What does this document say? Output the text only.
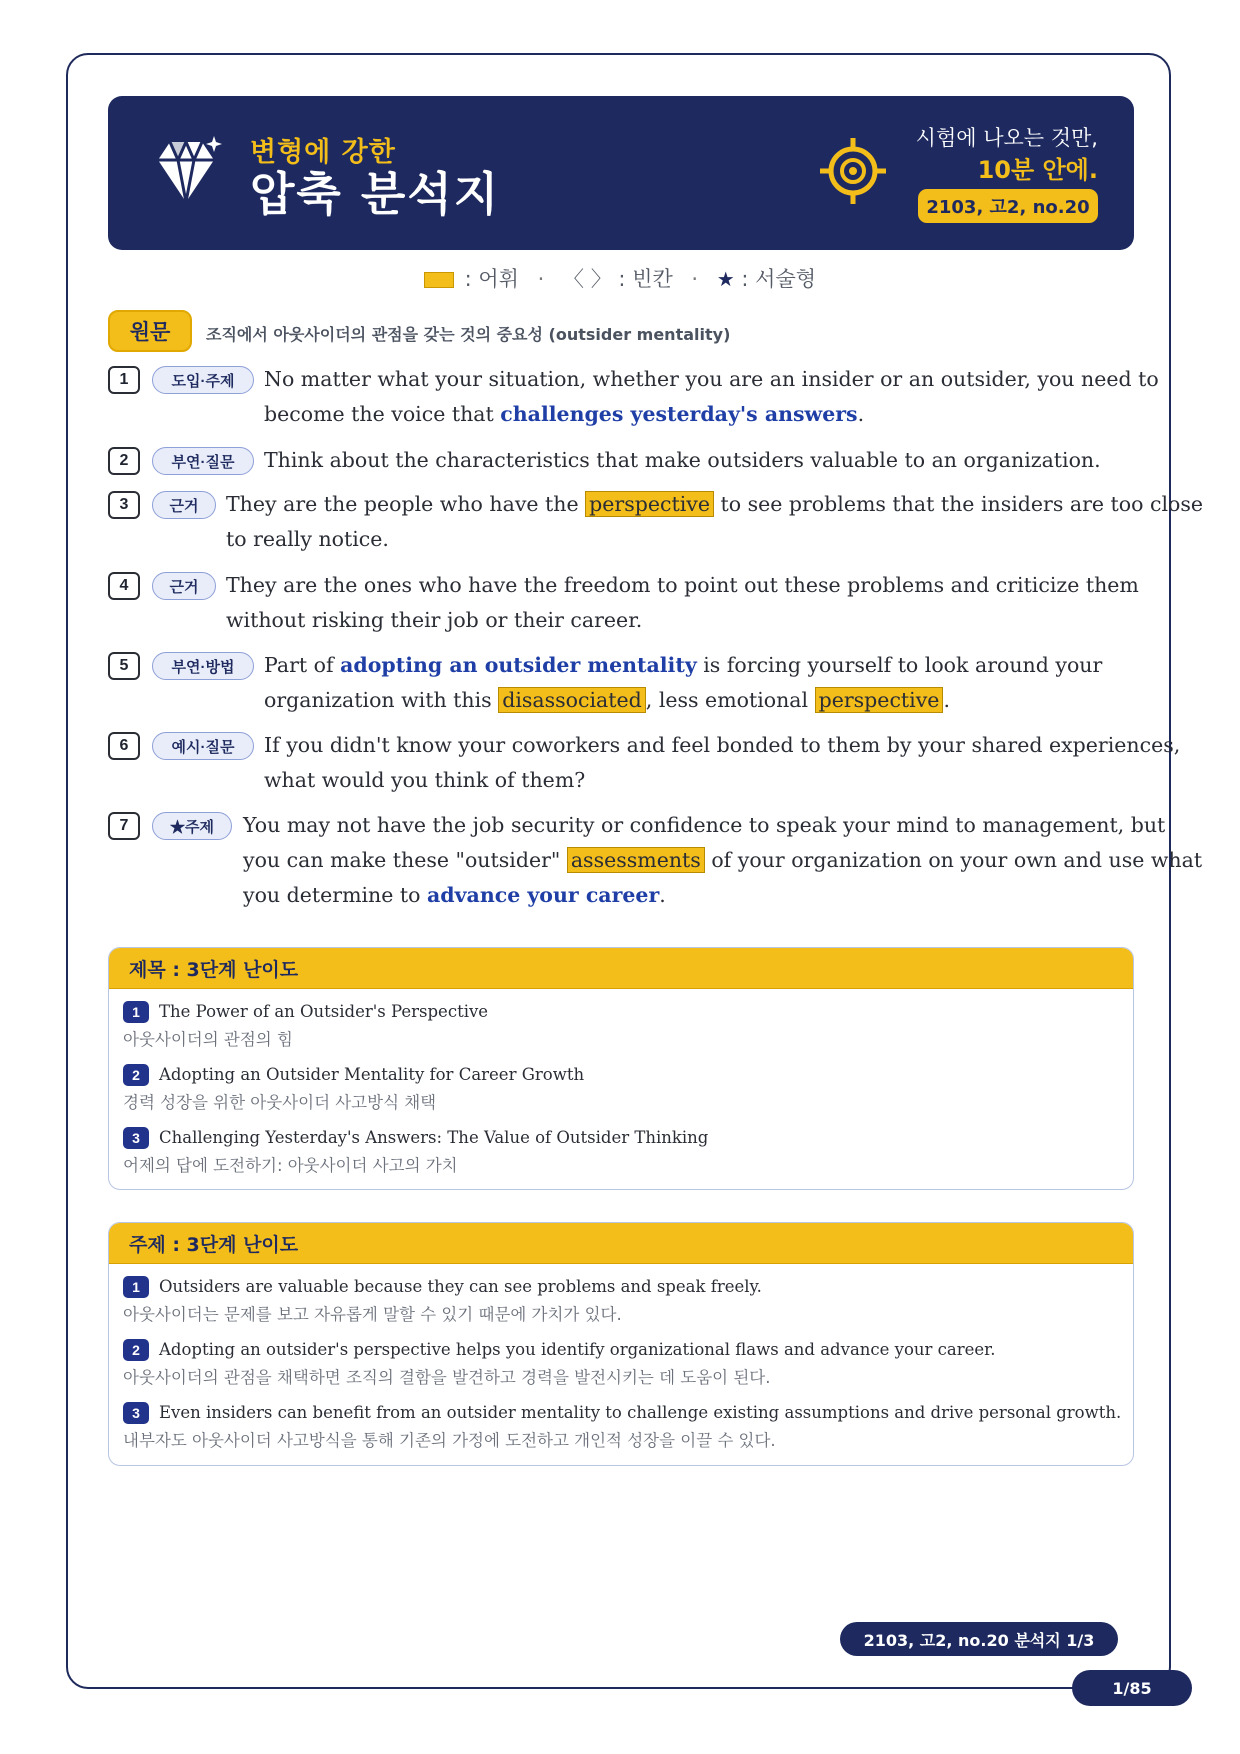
변형에 강한
압축 분석지
시험에 나오는 것만,
10분 안에.
2103, 고2, no.20
: 어휘 · 〈 〉 : 빈칸 · ★ : 서술형
원문	조직에서 아웃사이더의 관점을 갖는 것의 중요성 (outsider mentality)
1	도입·주제	No matter what your situation, whether you are an insider or an outsider, you need to
become the voice that challenges yesterday's answers.
2	부연·질문	Think about the characteristics that make outsiders valuable to an organization.
3	근거	They are the people who have the perspective to see problems that the insiders are too close
to really notice.
4	근거	They are the ones who have the freedom to point out these problems and criticize them
without risking their job or their career.
5	부연·방법	Part of adopting an outsider mentality is forcing yourself to look around your
organization with this disassociated , less emotional perspective .
6	예시·질문	If you didn't know your coworkers and feel bonded to them by your shared experiences,
what would you think of them?
7	★주제	You may not have the job security or confidence to speak your mind to management, but
you can make these "outsider" assessments of your organization on your own and use what
you determine to advance your career.
제목 : 3단계 난이도
1	The Power of an Outsider's Perspective
아웃사이더의 관점의 힘
2	Adopting an Outsider Mentality for Career Growth
경력 성장을 위한 아웃사이더 사고방식 채택
3	Challenging Yesterday's Answers: The Value of Outsider Thinking
어제의 답에 도전하기: 아웃사이더 사고의 가치
주제 : 3단계 난이도
1	Outsiders are valuable because they can see problems and speak freely.
아웃사이더는 문제를 보고 자유롭게 말할 수 있기 때문에 가치가 있다.
2	Adopting an outsider's perspective helps you identify organizational flaws and advance your career.
아웃사이더의 관점을 채택하면 조직의 결함을 발견하고 경력을 발전시키는 데 도움이 된다.
3	Even insiders can benefit from an outsider mentality to challenge existing assumptions and drive personal growth.
내부자도 아웃사이더 사고방식을 통해 기존의 가정에 도전하고 개인적 성장을 이끌 수 있다.
2103, 고2, no.20 분석지 1/3
1/85
